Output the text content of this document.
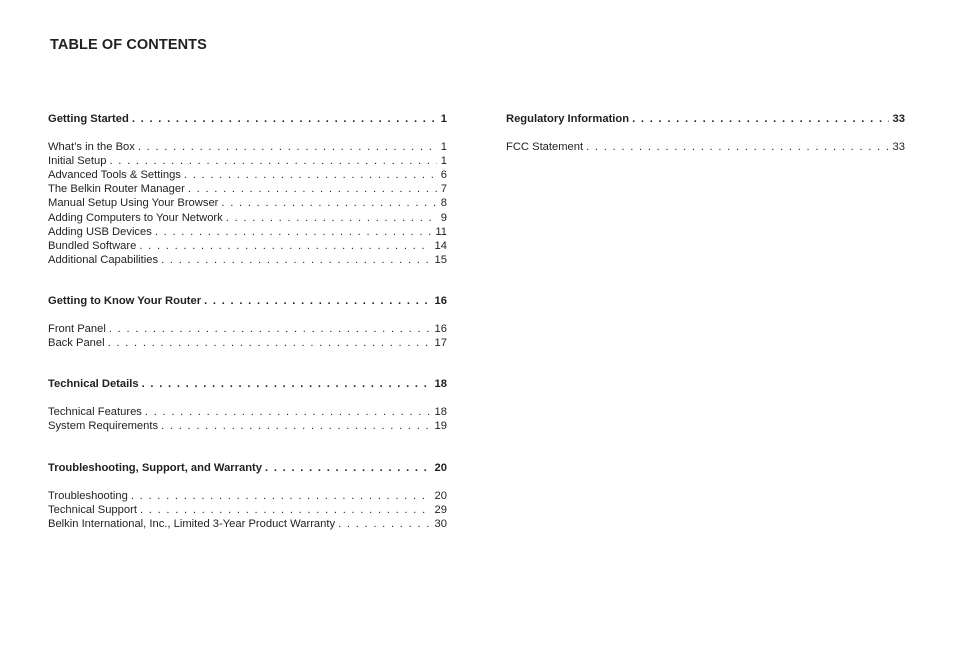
TABLE OF CONTENTS
Getting Started . . .	1
What’s in the Box . . .	1
Initial Setup . . .	1
Advanced Tools & Settings . . .	6
The Belkin Router Manager . . .	7
Manual Setup Using Your Browser . . .	8
Adding Computers to Your Network . . .	9
Adding USB Devices . . .	11
Bundled Software . . .	14
Additional Capabilities . . .	15
Getting to Know Your Router . . .	16
Front Panel . . .	16
Back Panel . . .	17
Technical Details . . .	18
Technical Features . . .	18
System Requirements . . .	19
Troubleshooting, Support, and Warranty . . .	20
Troubleshooting . . .	20
Technical Support . . .	29
Belkin International, Inc., Limited 3-Year Product Warranty . . .	30
Regulatory Information . . .	33
FCC Statement . . .	33
